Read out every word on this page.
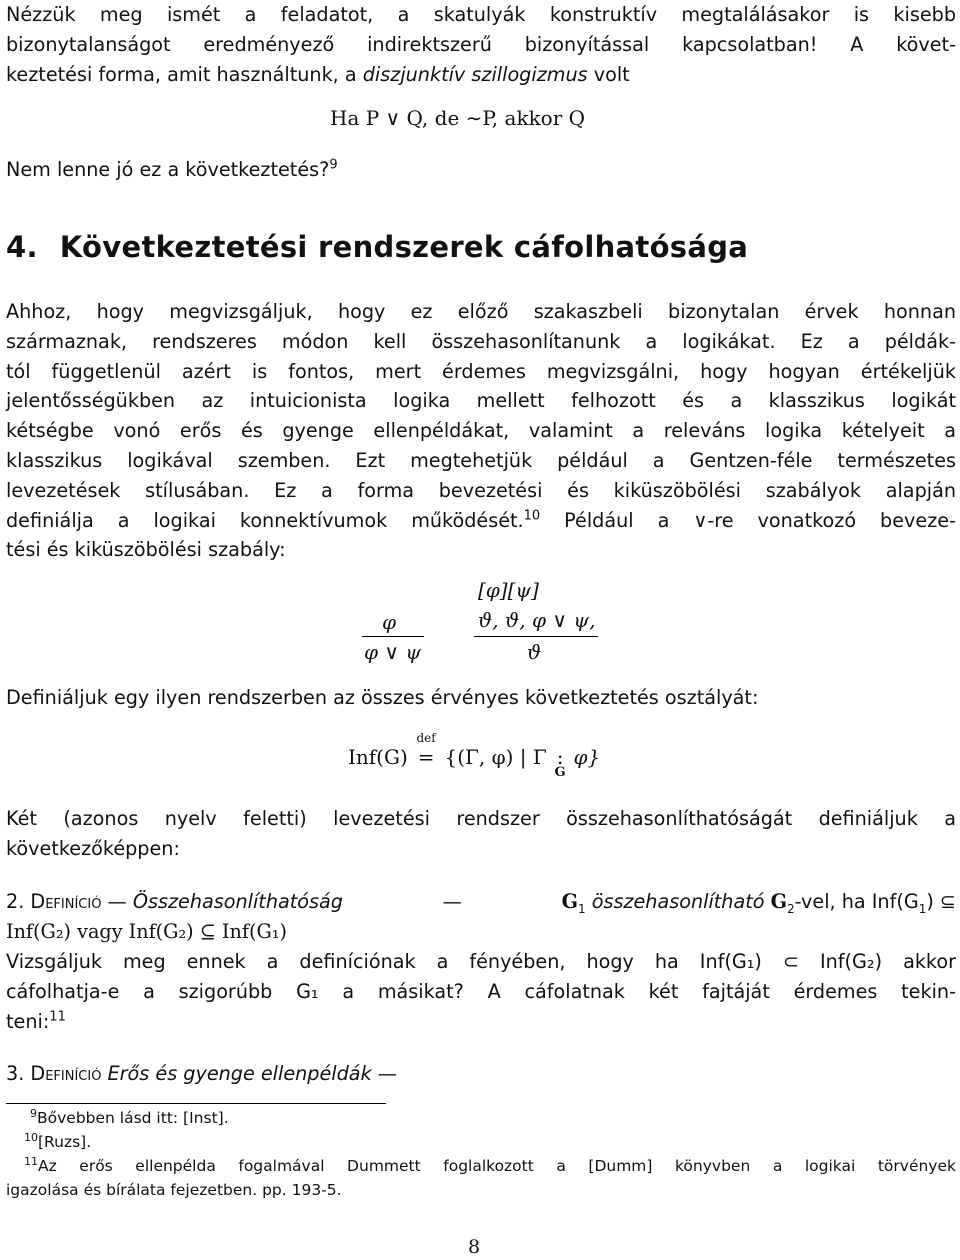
Nézzük meg ismét a feladatot, a skatulyák konstruktív megtalálásakor is kisebb
bizonytalanságot eredményező indirektszerű bizonyítással kapcsolatban! A követ-
keztetési forma, amit használtunk, a diszjunktív szillogizmus volt
Ha P ∨ Q, de ∼P, akkor Q
Nem lenne jó ez a következtetés?$^9$
4. Következtetési rendszerek cáfolhatósága
Ahhoz, hogy megvizsgáljuk, hogy ez előző szakaszbeli bizonytalan érvek honnan
származnak, rendszeres módon kell összehasonlítanunk a logikákat. Ez a példák-
tól függetlenül azért is fontos, mert érdemes megvizsgálni, hogy hogyan értékeljük
jelentősségükben az intuicionista logika mellett felhozott és a klasszikus logikát
kétségbe vonó erős és gyenge ellenpéldákat, valamint a releváns logika kételyeit a
klasszikus logikával szemben. Ezt megtehetjük például a Gentzen-féle természetes
levezetések stílusában. Ez a forma bevezetési és kiküszöbölési szabályok alapján
definiálja a logikai konnektívumok működését.$^{10}$ Például a ∨-re vonatkozó beveze-
tési és kiküszöbölési szabály:
φ
φ ∨ ψ
[φ][ψ]
ϑ, ϑ, φ ∨ ψ,
ϑ
Definiáljuk egy ilyen rendszerben az összes érvényes következtetés osztályát:
Inf(G)
def
= {(Γ, φ) | Γ :
G
φ}
Két (azonos nyelv feletti) levezetési rendszer összehasonlíthatóságát definiáljuk a
következőképpen:
2. Definíció — Összehasonlíthatóság	—	$G_1$ összehasonlítható $G_2$-vel, ha $Inf(G_1)$ ⊆
Inf(G₂) vagy Inf(G₂) ⊆ Inf(G₁)
Vizsgáljuk meg ennek a definíciónak a fényében, hogy ha Inf(G₁) ⊂ Inf(G₂) akkor
cáfolhatja-e a szigorúbb G₁ a másikat? A cáfolatnak két fajtáját érdemes tekin-
teni:$^{11}$
3. Definíció Erős és gyenge ellenpéldák —
$^9$Bővebben lásd itt: [Inst].
$^{10}$[Ruzs].
$^{11}$Az erős ellenpélda fogalmával Dummett foglalkozott a [Dumm] könyvben a logikai törvények
igazolása és bírálata fejezetben. pp. 193-5.
8
